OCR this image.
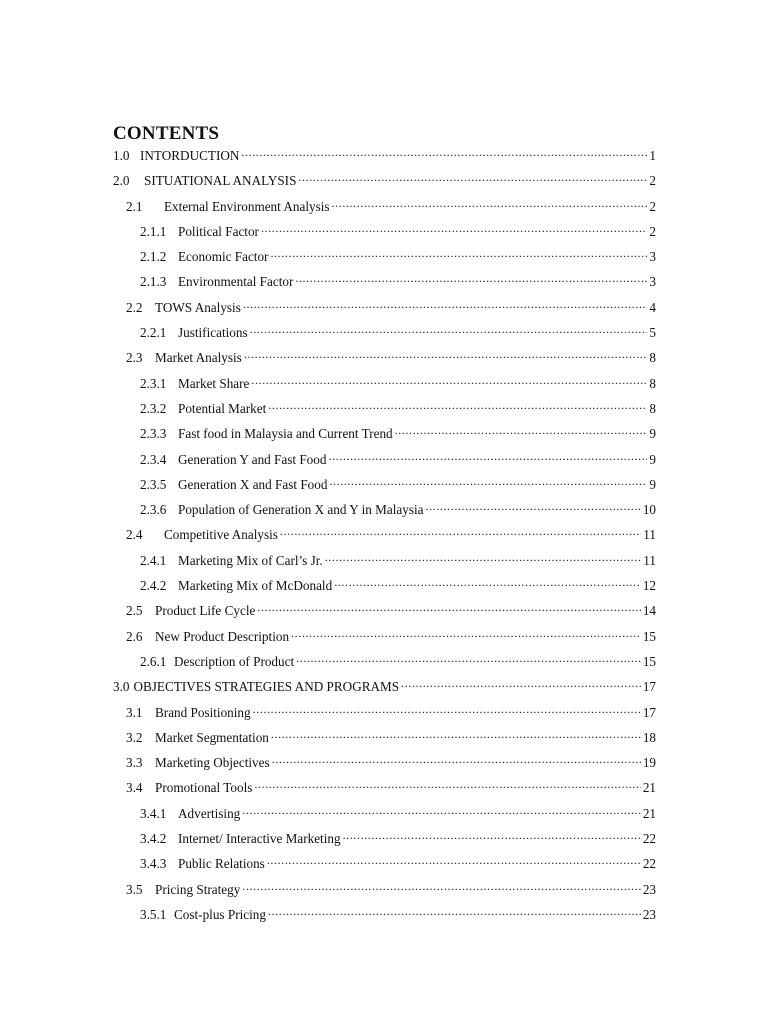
CONTENTS
1.0 INTORDUCTION .....	1
2.0	SITUATIONAL ANALYSIS .....	2
2.1	External Environment Analysis .....	2
2.1.1 Political Factor .....	2
2.1.2 Economic Factor .....	3
2.1.3 Environmental Factor .....	3
2.2 TOWS Analysis .....	4
2.2.1 Justifications .....	5
2.3 Market Analysis .....	8
2.3.1 Market Share .....	8
2.3.2 Potential Market .....	8
2.3.3 Fast food in Malaysia and Current Trend .....	9
2.3.4 Generation Y and Fast Food .....	9
2.3.5 Generation X and Fast Food .....	9
2.3.6 Population of Generation X and Y in Malaysia .....	10
2.4	Competitive Analysis .....	11
2.4.1 Marketing Mix of Carl’s Jr. .....	11
2.4.2 Marketing Mix of McDonald .....	12
2.5 Product Life Cycle .....	14
2.6 New Product Description .....	15
2.6.1 Description of Product .....	15
3.0 OBJECTIVES STRATEGIES AND PROGRAMS .....	17
3.1 Brand Positioning .....	17
3.2 Market Segmentation .....	18
3.3 Marketing Objectives .....	19
3.4 Promotional Tools .....	21
3.4.1 Advertising .....	21
3.4.2 Internet/ Interactive Marketing .....	22
3.4.3 Public Relations .....	22
3.5 Pricing Strategy .....	23
3.5.1 Cost-plus Pricing .....	23
